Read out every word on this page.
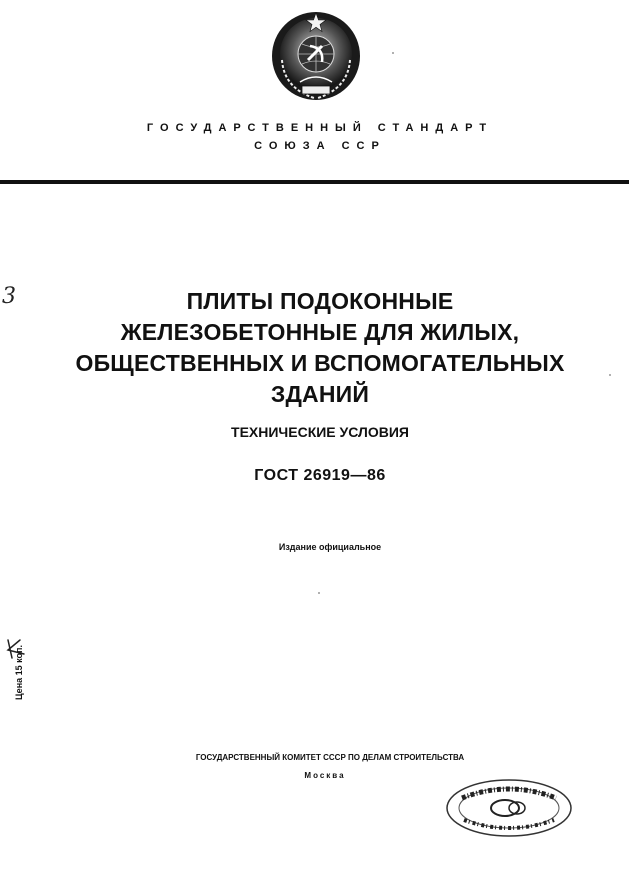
ГОСУДАРСТВЕННЫЙ СТАНДАРТ
СОЮЗА ССР
3	ПЛИТЫ ПОДОКОННЫЕ
ЖЕЛЕЗОБЕТОННЫЕ ДЛЯ ЖИЛЫХ,
ОБЩЕСТВЕННЫХ И ВСПОМОГАТЕЛЬНЫХ
ЗДАНИЙ
ТЕХНИЧЕСКИЕ УСЛОВИЯ
ГОСТ 26919—86
Издание официальное
Цена 15 коп.
ГОСУДАРСТВЕННЫЙ КОМИТЕТ СССР ПО ДЕЛАМ СТРОИТЕЛЬСТВА
Москва
